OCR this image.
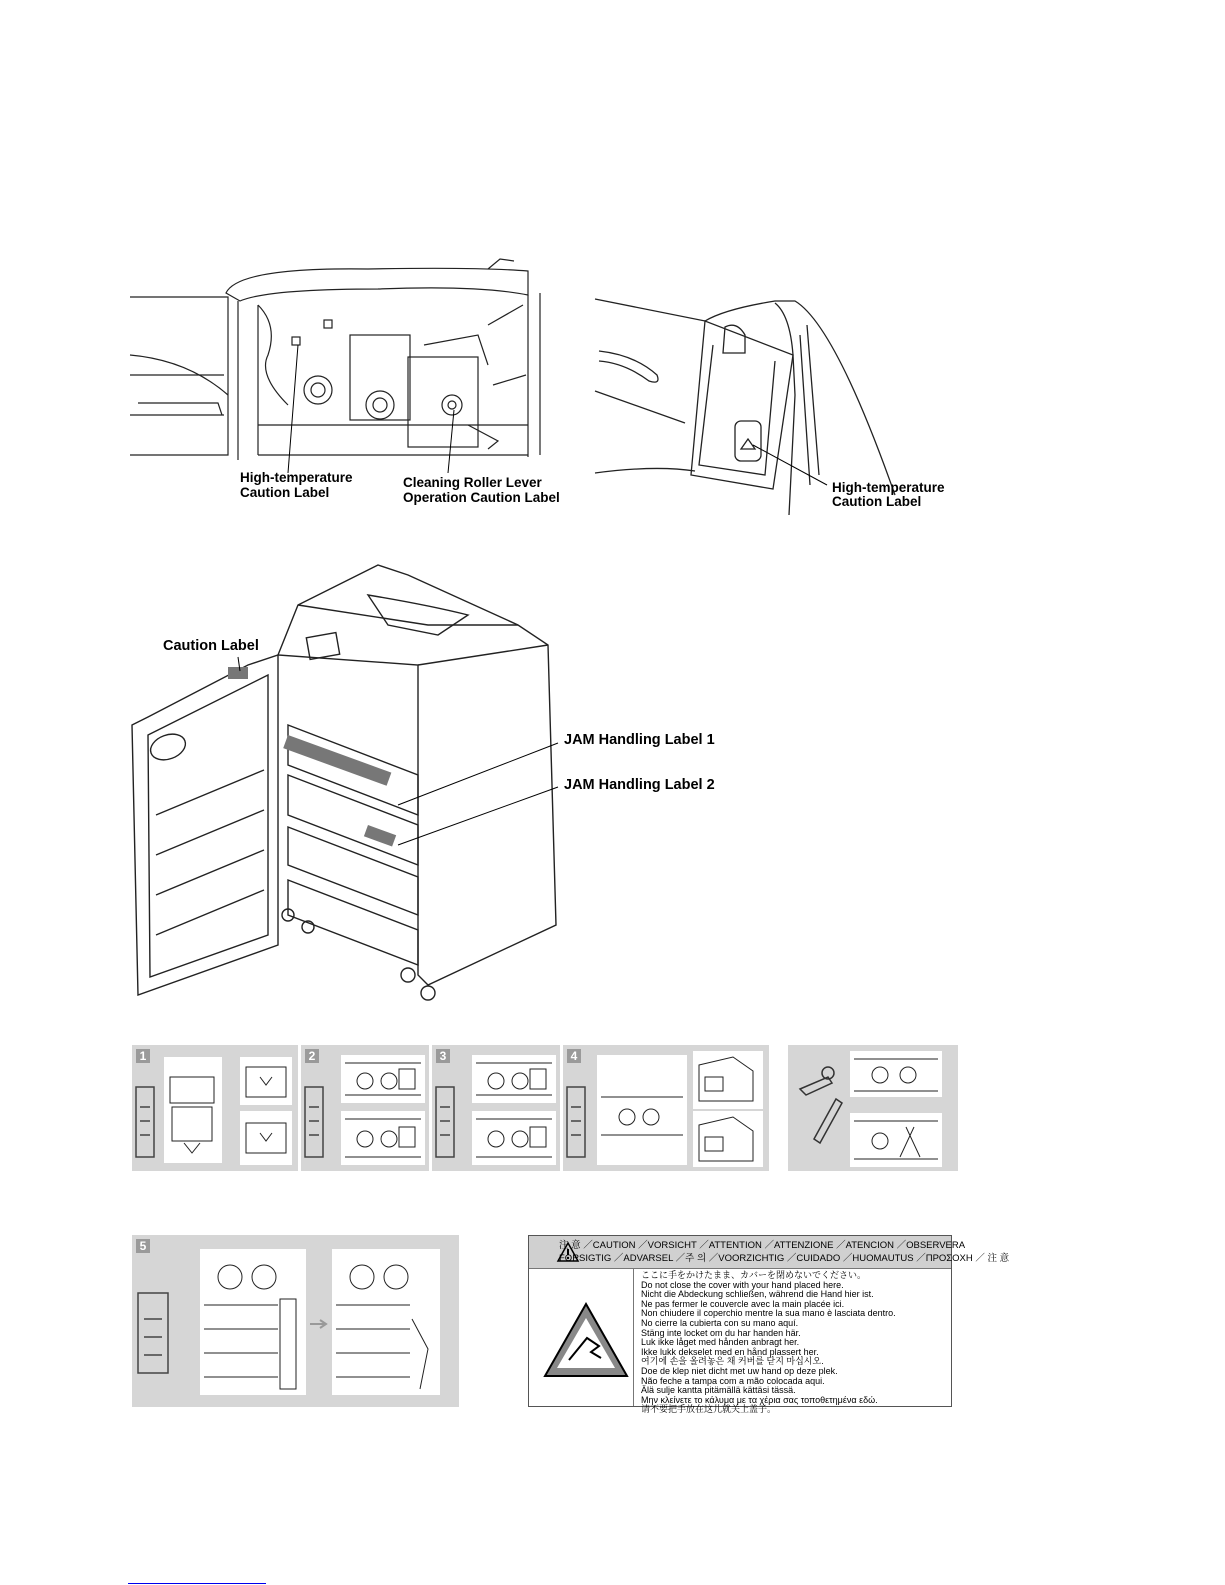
High-temperature
Caution Label
Cleaning Roller Lever
Operation Caution Label
High-temperature
Caution Label
Caution Label
JAM Handling Label 1
JAM Handling Label 2
1	2	3	4
5	注 意 ／CAUTION ／VORSICHT ／ATTENTION ／ATTENZIONE ／ATENCION ／OBSERVERA
FORSIGTIG ／ADVARSEL ／주 의 ／VOORZICHTIG ／CUIDADO ／HUOMAUTUS ／ΠΡΟΣΟΧΗ ／ 注 意
ここに手をかけたまま、カバーを閉めないでください。
Do not close the cover with your hand placed here.
Nicht die Abdeckung schließen, während die Hand hier ist.
Ne pas fermer le couvercle avec la main placée ici.
Non chiudere il coperchio mentre la sua mano è lasciata dentro.
No cierre la cubierta con su mano aquí.
Stäng inte locket om du har handen här.
Luk ikke låget med hånden anbragt her.
Ikke lukk dekselet med en hånd plassert her.
여기에 손을 올려놓은 채 커버를 닫지 마십시오.
Doe de klep niet dicht met uw hand op deze plek.
Não feche a tampa com a mão colocada aqui.
Älä sulje kantta pitämällä kättäsi tässä.
Μην κλείνετε το κάλυμα με τα χέρια σας τοποθετημένα εδώ.
请不要把手放在这儿就关上盖子。
